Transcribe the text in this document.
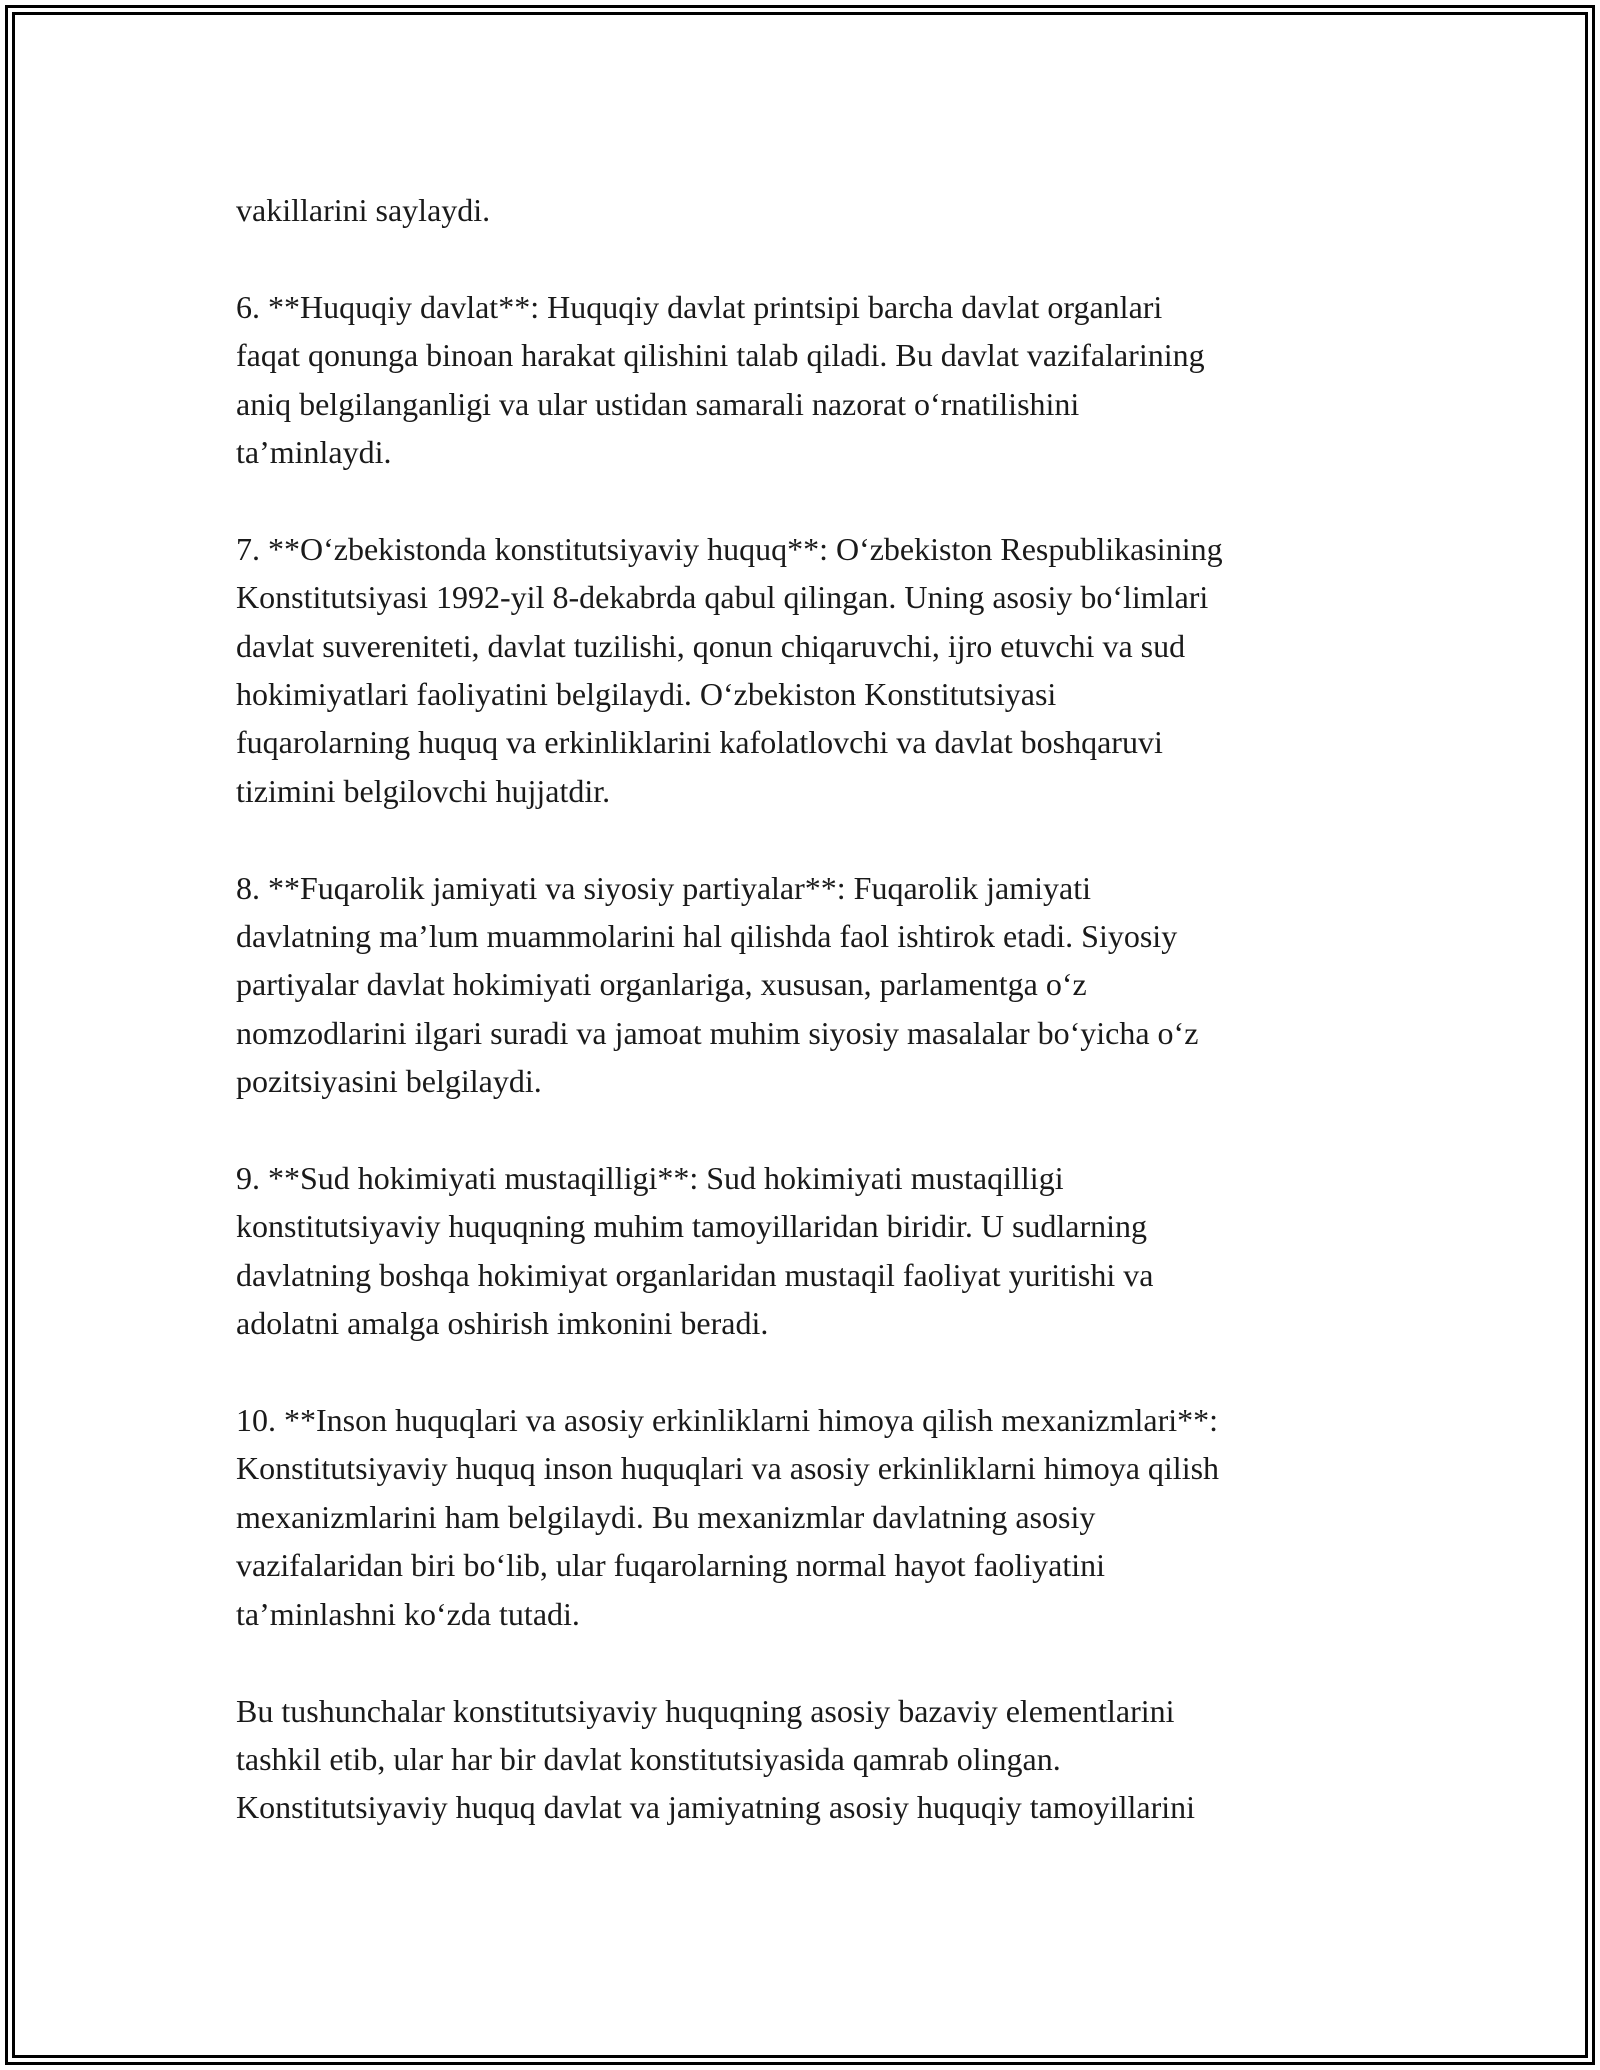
vakillarini saylaydi.

6. **Huquqiy davlat**: Huquqiy davlat printsipi barcha davlat organlari
faqat qonunga binoan harakat qilishini talab qiladi. Bu davlat vazifalarining
aniq belgilanganligi va ular ustidan samarali nazorat o‘rnatilishini
ta’minlaydi.

7. **O‘zbekistonda konstitutsiyaviy huquq**: O‘zbekiston Respublikasining
Konstitutsiyasi 1992-yil 8-dekabrda qabul qilingan. Uning asosiy bo‘limlari
davlat suvereniteti, davlat tuzilishi, qonun chiqaruvchi, ijro etuvchi va sud
hokimiyatlari faoliyatini belgilaydi. O‘zbekiston Konstitutsiyasi
fuqarolarning huquq va erkinliklarini kafolatlovchi va davlat boshqaruvi
tizimini belgilovchi hujjatdir.

8. **Fuqarolik jamiyati va siyosiy partiyalar**: Fuqarolik jamiyati
davlatning ma’lum muammolarini hal qilishda faol ishtirok etadi. Siyosiy
partiyalar davlat hokimiyati organlariga, xususan, parlamentga o‘z
nomzodlarini ilgari suradi va jamoat muhim siyosiy masalalar bo‘yicha o‘z
pozitsiyasini belgilaydi.

9. **Sud hokimiyati mustaqilligi**: Sud hokimiyati mustaqilligi
konstitutsiyaviy huquqning muhim tamoyillaridan biridir. U sudlarning
davlatning boshqa hokimiyat organlaridan mustaqil faoliyat yuritishi va
adolatni amalga oshirish imkonini beradi.

10. **Inson huquqlari va asosiy erkinliklarni himoya qilish mexanizmlari**:
Konstitutsiyaviy huquq inson huquqlari va asosiy erkinliklarni himoya qilish
mexanizmlarini ham belgilaydi. Bu mexanizmlar davlatning asosiy
vazifalaridan biri bo‘lib, ular fuqarolarning normal hayot faoliyatini
ta’minlashni ko‘zda tutadi.

Bu tushunchalar konstitutsiyaviy huquqning asosiy bazaviy elementlarini
tashkil etib, ular har bir davlat konstitutsiyasida qamrab olingan.
Konstitutsiyaviy huquq davlat va jamiyatning asosiy huquqiy tamoyillarini
